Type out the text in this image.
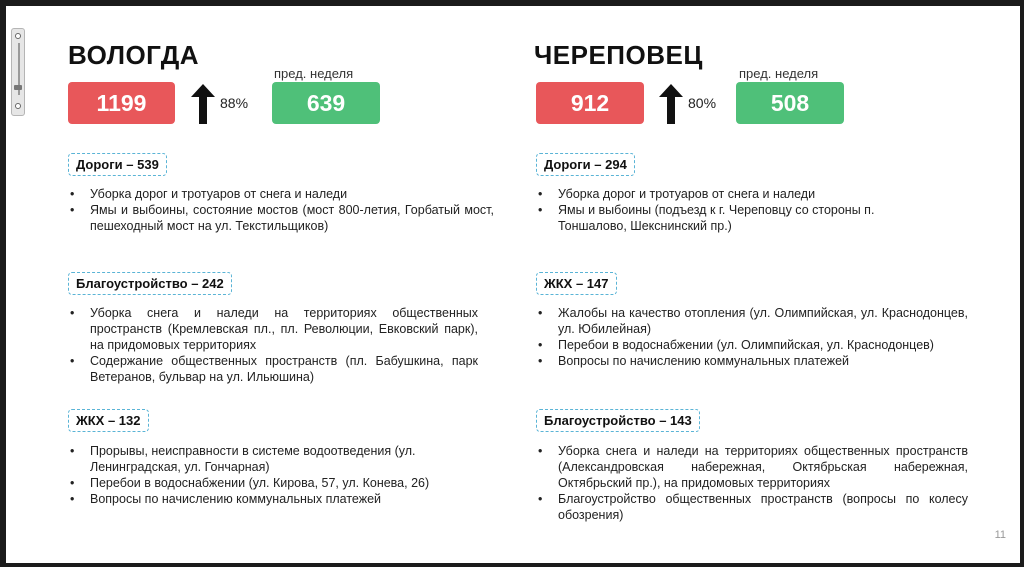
ВОЛОГДА
1199	88%
пред. неделя
639
Дороги – 539
• Уборка дорог и тротуаров от снега и наледи
• Ямы и выбоины, состояние мостов (мост 800-летия, Горбатый мост, пешеходный мост на ул. Текстильщиков)
Благоустройство – 242
• Уборка снега и наледи на территориях общественных пространств (Кремлевская пл., пл. Революции, Евковский парк), на придомовых территориях
• Содержание общественных пространств (пл. Бабушкина, парк Ветеранов, бульвар на ул. Ильюшина)
ЖКХ – 132
• Прорывы, неисправности в системе водоотведения (ул. Ленинградская, ул. Гончарная)
• Перебои в водоснабжении (ул. Кирова, 57, ул. Конева, 26)
• Вопросы по начислению коммунальных платежей
ЧЕРЕПОВЕЦ
912	80%
пред. неделя
508
Дороги – 294
• Уборка дорог и тротуаров от снега и наледи
• Ямы и выбоины (подъезд к г. Череповцу со стороны п. Тоншалово, Шекснинский пр.)
ЖКХ – 147
• Жалобы на качество отопления (ул. Олимпийская, ул. Краснодонцев, ул. Юбилейная)
• Перебои в водоснабжении (ул. Олимпийская, ул. Краснодонцев)
• Вопросы по начислению коммунальных платежей
Благоустройство – 143
• Уборка снега и наледи на территориях общественных пространств (Александровская набережная, Октябрьская набережная, Октябрьский пр.), на придомовых территориях
• Благоустройство общественных пространств (вопросы по колесу обозрения)
11
